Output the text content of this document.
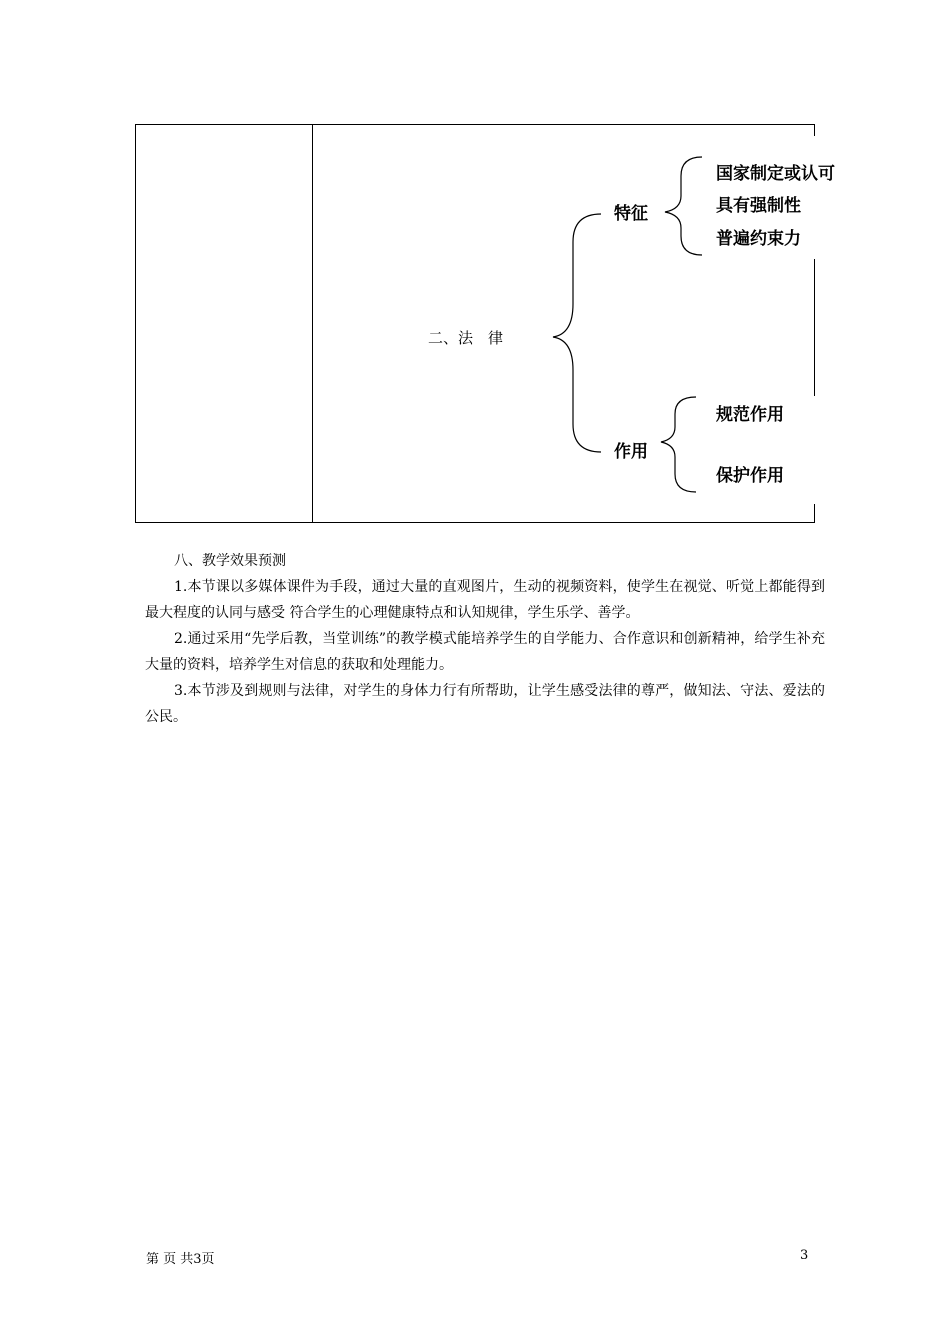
二、法　律
特征
国家制定或认可
具有强制性
普遍约束力
作用
规范作用
保护作用

八、教学效果预测

1.本节课以多媒体课件为手段，通过大量的直观图片，生动的视频资料，使学生在视觉、听觉上都能得到最大程度的认同与感受 符合学生的心理健康特点和认知规律，学生乐学、善学。

2.通过采用“先学后教，当堂训练”的教学模式能培养学生的自学能力、合作意识和创新精神，给学生补充大量的资料，培养学生对信息的获取和处理能力。

3.本节涉及到规则与法律，对学生的身体力行有所帮助，让学生感受法律的尊严，做知法、守法、爱法的公民。

第 页 共3页	3
